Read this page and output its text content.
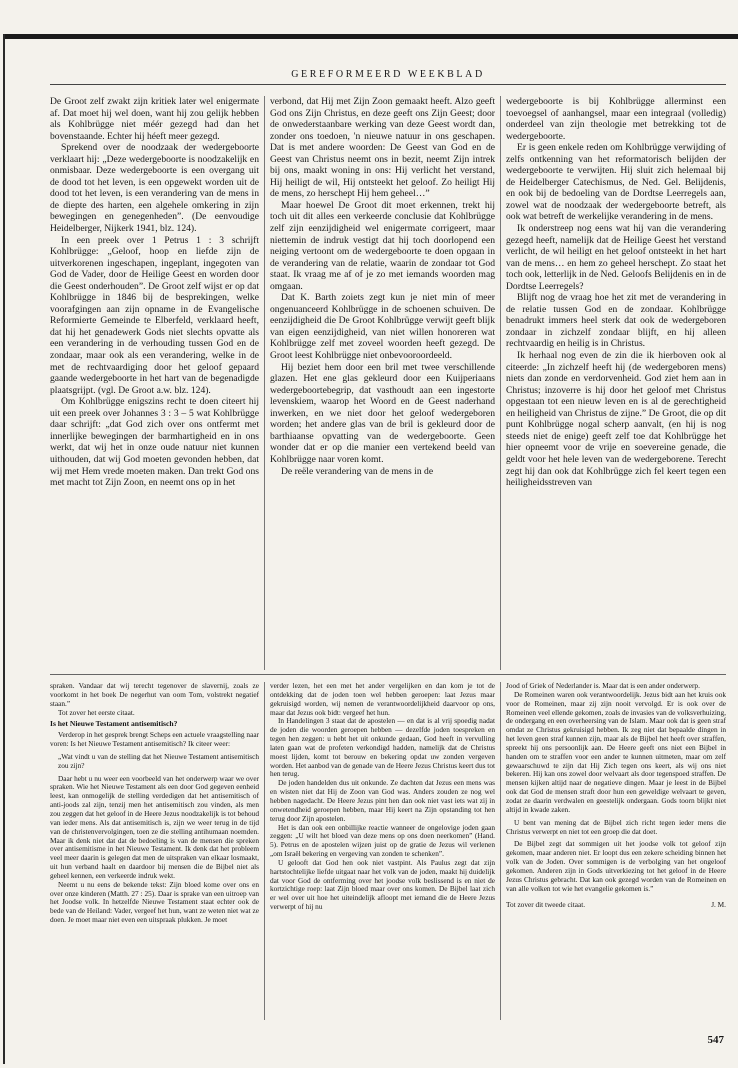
GEREFORMEERD WEEKBLAD

De Groot zelf zwakt zijn kritiek later wel enigermate af. Dat moet hij wel doen, want hij zou gelijk hebben als Kohlbrügge niet méér gezegd had dan het bovenstaande. Echter hij héeft meer gezegd.

Sprekend over de noodzaak der wedergeboorte verklaart hij: „Deze wedergeboorte is noodzakelijk en onmisbaar. Deze wedergeboorte is een overgang uit de dood tot het leven, is een opgewekt worden uit de dood tot het leven, is een verandering van de mens in de diepte des harten, een algehele omkering in zijn bewegingen en genegenheden”. (De eenvoudige Heidelberger, Nijkerk 1941, blz. 124).

In een preek over 1 Petrus 1 : 3 schrijft Kohlbrügge: „Geloof, hoop en liefde zijn de uitverkorenen ingeschapen, ingeplant, ingegoten van God de Vader, door de Heilige Geest en worden door die Geest onderhouden”. De Groot zelf wijst er op dat Kohlbrügge in 1846 bij de besprekingen, welke voorafgingen aan zijn opname in de Evangelische Reformierte Gemeinde te Elberfeld, verklaard heeft, dat hij het genadewerk Gods niet slechts opvatte als een verandering in de verhouding tussen God en de zondaar, maar ook als een verandering, welke in de met de rechtvaardiging door het geloof gepaard gaande wedergeboorte in het hart van de begenadigde plaatsgrijpt. (vgl. De Groot a.w. blz. 124).

Om Kohlbrügge enigszins recht te doen citeert hij uit een preek over Johannes 3 : 3 – 5 wat Kohlbrügge daar schrijft: „dat God zich over ons ontfermt met innerlijke bewegingen der barmhartigheid en in ons werkt, dat wij het in onze oude natuur niet kunnen uithouden, dat wij God moeten gevonden hebben, dat wij met Hem vrede moeten maken. Dan trekt God ons met macht tot Zijn Zoon, en neemt ons op in het

verbond, dat Hij met Zijn Zoon gemaakt heeft. Alzo geeft God ons Zijn Christus, en deze geeft ons Zijn Geest; door de onwederstaanbare werking van deze Geest wordt dan, zonder ons toedoen, 'n nieuwe natuur in ons geschapen. Dat is met andere woorden: De Geest van God en de Geest van Christus neemt ons in bezit, neemt Zijn intrek bij ons, maakt woning in ons: Hij verlicht het verstand, Hij heiligt de wil, Hij ontsteekt het geloof. Zo heiligt Hij de mens, zo herschept Hij hem geheel…”

Maar hoewel De Groot dit moet erkennen, trekt hij toch uit dit alles een verkeerde conclusie dat Kohlbrügge zelf zijn eenzijdigheid wel enigermate corrigeert, maar niettemin de indruk vestigt dat hij toch doorlopend een neiging vertoont om de wedergeboorte te doen opgaan in de verandering van de relatie, waarin de zondaar tot God staat. Ik vraag me af of je zo met iemands woorden mag omgaan.

Dat K. Barth zoiets zegt kun je niet min of meer ongenuanceerd Kohlbrügge in de schoenen schuiven. De eenzijdigheid die De Groot Kohlbrügge verwijt geeft blijk van eigen eenzijdigheid, van niet willen honoreren wat Kohlbrügge zelf met zoveel woorden heeft gezegd. De Groot leest Kohlbrügge niet onbevooroordeeld.

Hij beziet hem door een bril met twee verschillende glazen. Het ene glas gekleurd door een Kuijperiaans wedergeboortebegrip, dat vasthoudt aan een ingestorte levenskiem, waarop het Woord en de Geest naderhand inwerken, en we niet door het geloof wedergeboren worden; het andere glas van de bril is gekleurd door de barthiaanse opvatting van de wedergeboorte. Geen wonder dat er op die manier een vertekend beeld van Kohlbrügge naar voren komt.

De reële verandering van de mens in de

wedergeboorte is bij Kohlbrügge allerminst een toevoegsel of aanhangsel, maar een integraal (volledig) onderdeel van zijn theologie met betrekking tot de wedergeboorte.

Er is geen enkele reden om Kohlbrügge verwijding of zelfs ontkenning van het reformatorisch belijden der wedergeboorte te verwijten. Hij sluit zich helemaal bij de Heidelberger Catechismus, de Ned. Gel. Belijdenis, en ook bij de bedoeling van de Dordtse Leerregels aan, zowel wat de noodzaak der wedergeboorte betreft, als ook wat betreft de werkelijke verandering in de mens.

Ik onderstreep nog eens wat hij van die verandering gezegd heeft, namelijk dat de Heilige Geest het verstand verlicht, de wil heiligt en het geloof ontsteekt in het hart van de mens… en hem zo geheel herschept. Zo staat het toch ook, letterlijk in de Ned. Geloofs Belijdenis en in de Dordtse Leerregels?

Blijft nog de vraag hoe het zit met de verandering in de relatie tussen God en de zondaar. Kohlbrügge benadrukt immers heel sterk dat ook de wedergeboren zondaar in zichzelf zondaar blijft, en hij alleen rechtvaardig en heilig is in Christus.

Ik herhaal nog even de zin die ik hierboven ook al citeerde: „In zichzelf heeft hij (de wedergeboren mens) niets dan zonde en verdorvenheid. God ziet hem aan in Christus; inzoverre is hij door het geloof met Christus opgestaan tot een nieuw leven en is al de gerechtigheid en heiligheid van Christus de zijne.” De Groot, die op dit punt Kohlbrügge nogal scherp aanvalt, (en hij is nog steeds niet de enige) geeft zelf toe dat Kohlbrügge het hier opneemt voor de vrije en soevereine genade, die geldt voor het hele leven van de wedergeborene. Terecht zegt hij dan ook dat Kohlbrügge zich fel keert tegen een heiligheidsstreven van

spraken. Vandaar dat wij terecht tegenover de slavernij, zoals ze voorkomt in het boek De negerhut van oom Tom, volstrekt negatief staan.”

Tot zover het eerste citaat.

Is het Nieuwe Testament antisemitisch?

Verderop in het gesprek brengt Scheps een actuele vraagstelling naar voren: Is het Nieuwe Testament antisemitisch? Ik citeer weer:

„Wat vindt u van de stelling dat het Nieuwe Testament antisemitisch zou zijn?

Daar hebt u nu weer een voorbeeld van het onderwerp waar we over spraken. Wie het Nieuwe Testament als een door God gegeven eenheid leest, kan onmogelijk de stelling verdedigen dat het antisemitisch of anti-joods zal zijn, tenzij men het antisemitisch zou vinden, als men zou zeggen dat het geloof in de Heere Jezus noodzakelijk is tot behoud van ieder mens. Als dat antisemitisch is, zijn we weer terug in de tijd van de christenvervolgingen, toen ze die stelling antihumaan noemden. Maar ik denk niet dat dat de bedoeling is van de mensen die spreken over antisemitisme in het Nieuwe Testament. Ik denk dat het probleem veel meer daarin is gelegen dat men de uitspraken van elkaar losmaakt, uit hun verband haalt en daardoor bij mensen die de Bijbel niet als geheel kennen, een verkeerde indruk wekt.

Neemt u nu eens de bekende tekst: Zijn bloed kome over ons en over onze kinderen (Matth. 27 : 25). Daar is sprake van een uitroep van het Joodse volk. In hetzelfde Nieuwe Testament staat echter ook de bede van de Heiland: Vader, vergeef het hun, want ze weten niet wat ze doen. Je moet maar niet even een uitspraak plukken. Je moet

verder lezen, het een met het ander vergelijken en dan kom je tot de ontdekking dat de joden toen wel hebben geroepen: laat Jezus maar gekruisigd worden, wij nemen de verantwoordelijkheid daarvoor op ons, maar dat Jezus ook bidt: vergeef het hun.

In Handelingen 3 staat dat de apostelen — en dat is al vrij spoedig nadat de joden die woorden geroepen hebben — dezelfde joden toespreken en tegen hen zeggen: u hebt het uit onkunde gedaan, God heeft in vervulling laten gaan wat de profeten verkondigd hadden, namelijk dat de Christus moest lijden, komt tot berouw en bekering opdat uw zonden vergeven worden. Het aanbod van de genade van de Heere Jezus Christus keert dus tot hen terug.

De joden handelden dus uit onkunde. Ze dachten dat Jezus een mens was en wisten niet dat Hij de Zoon van God was. Anders zouden ze nog wel hebben nagedacht. De Heere Jezus pint hen dan ook niet vast iets wat zij in onwetendheid geroepen hebben, maar Hij keert na Zijn opstanding tot hen terug door Zijn apostelen.

Het is dan ook een onbillijke reactie wanneer de ongelovige joden gaan zeggen: „U wilt het bloed van deze mens op ons doen neerkomen” (Hand. 5). Petrus en de apostelen wijzen juist op de gratie de Jezus wil verlenen „om Israël bekering en vergeving van zonden te schenken”.

U gelooft dat God hen ook niet vastpint. Als Paulus zegt dat zijn hartstochtelijke liefde uitgaat naar het volk van de joden, maakt hij duidelijk dat voor God de ontferming over het joodse volk beslissend is en niet de kortzichtige roep: laat Zijn bloed maar over ons komen. De Bijbel laat zich er wel over uit hoe het uiteindelijk afloopt met iemand die de Heere Jezus verwerpt of hij nu

Jood of Griek of Nederlander is. Maar dat is een ander onderwerp.

De Romeinen waren ook verantwoordelijk. Jezus bidt aan het kruis ook voor de Romeinen, maar zij zijn nooit vervolgd. Er is ook over de Romeinen veel ellende gekomen, zoals de invasies van de volksverhuizing, de ondergang en een overheersing van de Islam. Maar ook dat is geen straf omdat ze Christus gekruisigd hebben. Ik zeg niet dat bepaalde dingen in het leven geen straf kunnen zijn, maar als de Bijbel het heeft over straffen, spreekt hij ons persoonlijk aan. De Heere geeft ons niet een Bijbel in handen om te straffen voor een ander te kunnen uitmeten, maar om zelf gewaarschuwd te zijn dat Hij Zich tegen ons keert, als wij ons niet bekeren. Hij kan ons zowel door welvaart als door tegenspoed straffen. De mensen kijken altijd naar de negatieve dingen. Maar je leest in de Bijbel ook dat God de mensen straft door hun een geweldige welvaart te geven, zodat ze daarin verdwalen en geestelijk ondergaan. Gods toorn blijkt niet altijd in kwade zaken.

U bent van mening dat de Bijbel zich richt tegen ieder mens die Christus verwerpt en niet tot een groep die dat doet.

De Bijbel zegt dat sommigen uit het joodse volk tot geloof zijn gekomen, maar anderen niet. Er loopt dus een zekere scheiding binnen het volk van de Joden. Over sommigen is de verbolging van het ongeloof gekomen. Anderen zijn in Gods uitverkiezing tot het geloof in de Heere Jezus Christus gebracht. Dat kan ook gezegd worden van de Romeinen en van alle volken tot wie het evangelie gekomen is.”

Tot zover dit tweede citaat.	J. M.

547
